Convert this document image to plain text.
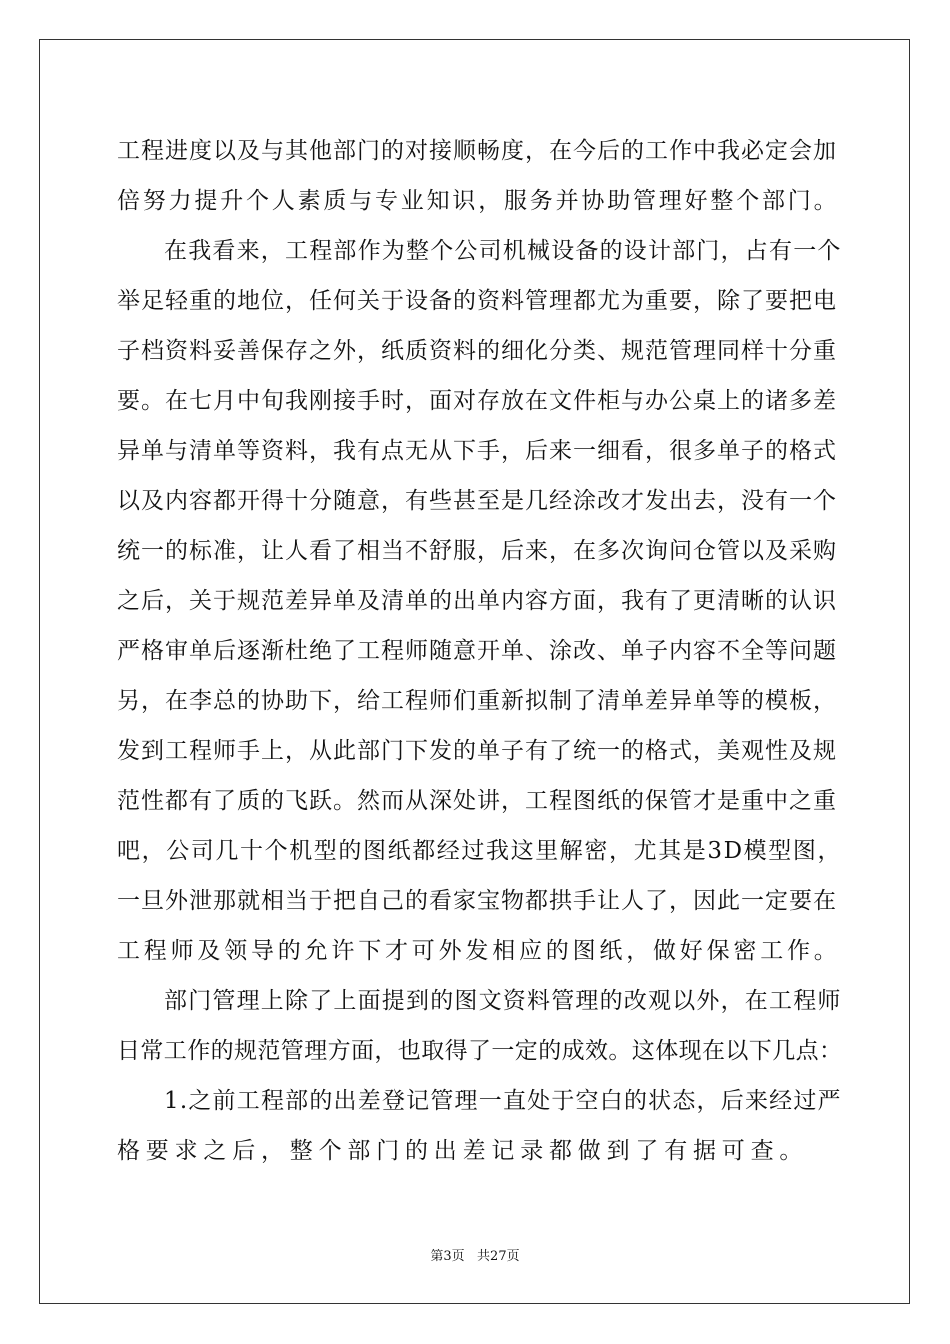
工程进度以及与其他部门的对接顺畅度，在今后的工作中我必定会加
倍努力提升个人素质与专业知识，服务并协助管理好整个部门。
在我看来，工程部作为整个公司机械设备的设计部门，占有一个
举足轻重的地位，任何关于设备的资料管理都尤为重要，除了要把电
子档资料妥善保存之外，纸质资料的细化分类、规范管理同样十分重
要。在七月中旬我刚接手时，面对存放在文件柜与办公桌上的诸多差
异单与清单等资料，我有点无从下手，后来一细看，很多单子的格式
以及内容都开得十分随意，有些甚至是几经涂改才发出去，没有一个
统一的标准，让人看了相当不舒服，后来，在多次询问仓管以及采购
之后，关于规范差异单及清单的出单内容方面，我有了更清晰的认识
严格审单后逐渐杜绝了工程师随意开单、涂改、单子内容不全等问题
另，在李总的协助下，给工程师们重新拟制了清单差异单等的模板，
发到工程师手上，从此部门下发的单子有了统一的格式，美观性及规
范性都有了质的飞跃。然而从深处讲，工程图纸的保管才是重中之重
吧，公司几十个机型的图纸都经过我这里解密，尤其是3D模型图，
一旦外泄那就相当于把自己的看家宝物都拱手让人了，因此一定要在
工程师及领导的允许下才可外发相应的图纸，做好保密工作。
部门管理上除了上面提到的图文资料管理的改观以外，在工程师
日常工作的规范管理方面，也取得了一定的成效。这体现在以下几点：
1.之前工程部的出差登记管理一直处于空白的状态，后来经过严
格要求之后，整个部门的出差记录都做到了有据可查。
第3页   共27页
